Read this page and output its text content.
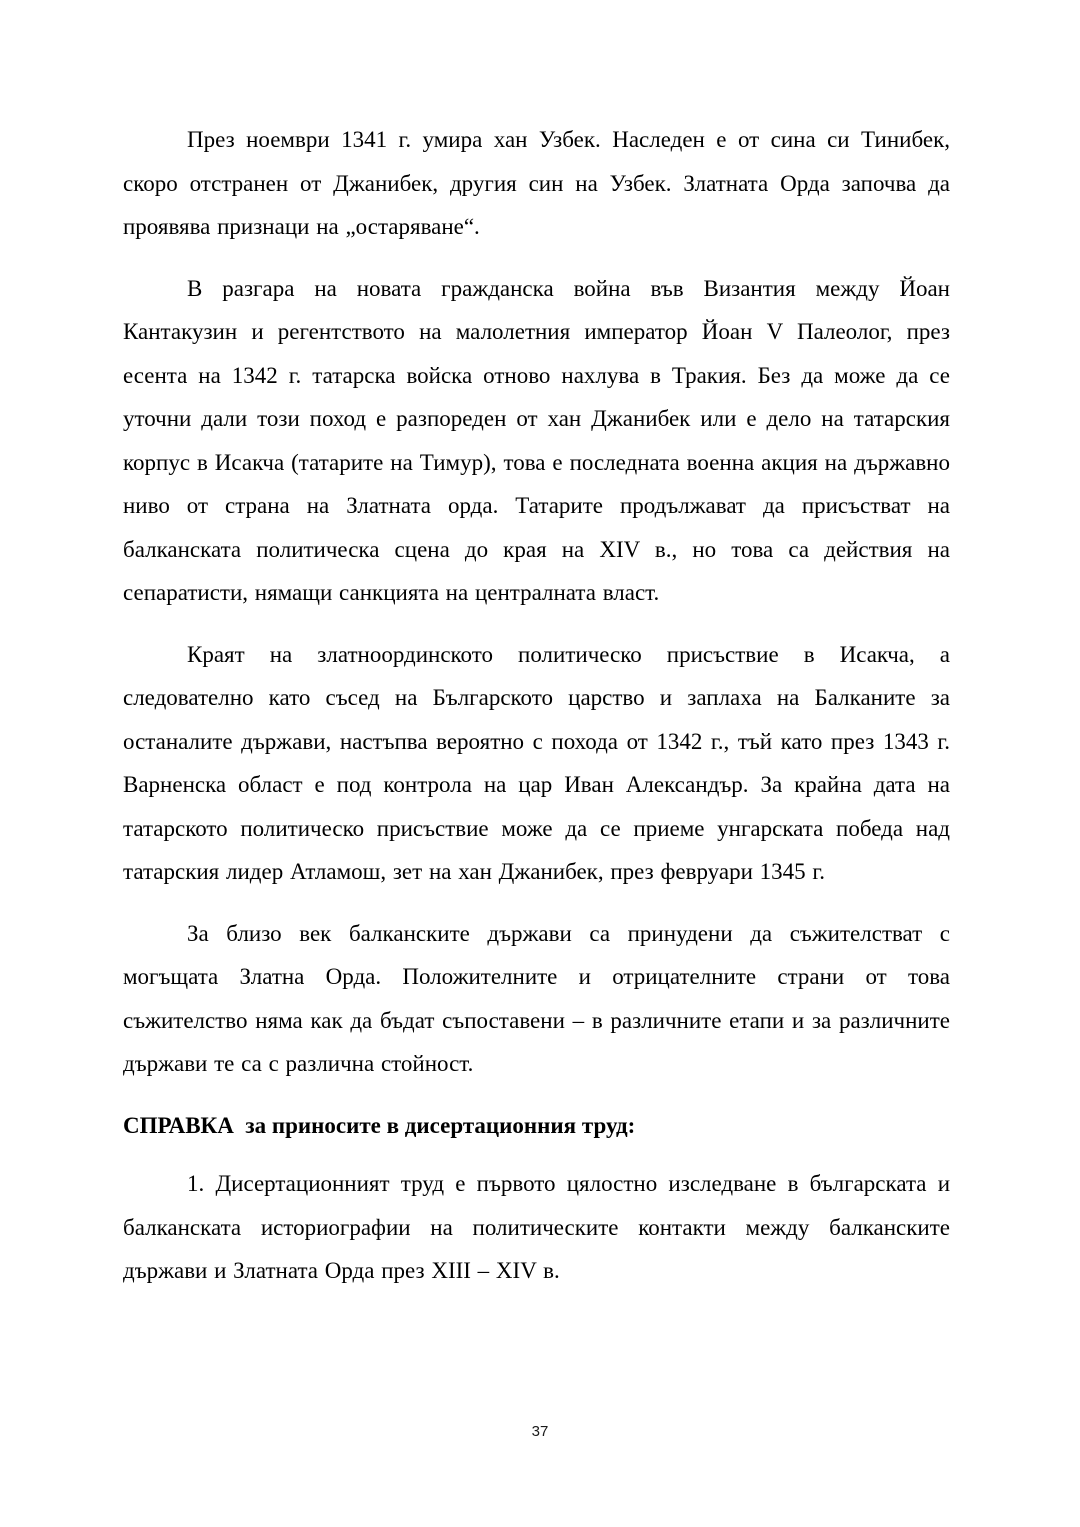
През ноември 1341 г. умира хан Узбек. Наследен е от сина си Тинибек, скоро отстранен от Джанибек, другия син на Узбек. Златната Орда започва да проявява признаци на „остаряване“.

В разгара на новата гражданска война във Византия между Йоан Кантакузин и регентството на малолетния император Йоан V Палеолог, през есента на 1342 г. татарска войска отново нахлува в Тракия. Без да може да се уточни дали този поход е разпореден от хан Джанибек или е дело на татарския корпус в Исакча (татарите на Тимур), това е последната военна акция на държавно ниво от страна на Златната орда. Татарите продължават да присъстват на балканската политическа сцена до края на XIV в., но това са действия на сепаратисти, нямащи санкцията на централната власт.

Краят на златноординското политическо присъствие в Исакча, а следователно като съсед на Българското царство и заплаха на Балканите за останалите държави, настъпва вероятно с похода от 1342 г., тъй като през 1343 г. Варненска област е под контрола на цар Иван Александър. За крайна дата на татарското политическо присъствие може да се приеме унгарската победа над татарския лидер Атламош, зет на хан Джанибек, през февруари 1345 г.

За близо век балканските държави са принудени да съжителстват с могъщата Златна Орда. Положителните и отрицателните страни от това съжителство няма как да бъдат съпоставени – в различните етапи и за различните държави те са с различна стойност.

СПРАВКА  за приносите в дисертационния труд:

1. Дисертационният труд е първото цялостно изследване в българската и балканската историографии на политическите контакти между балканските държави и Златната Орда през XIII – XIV в.

37
